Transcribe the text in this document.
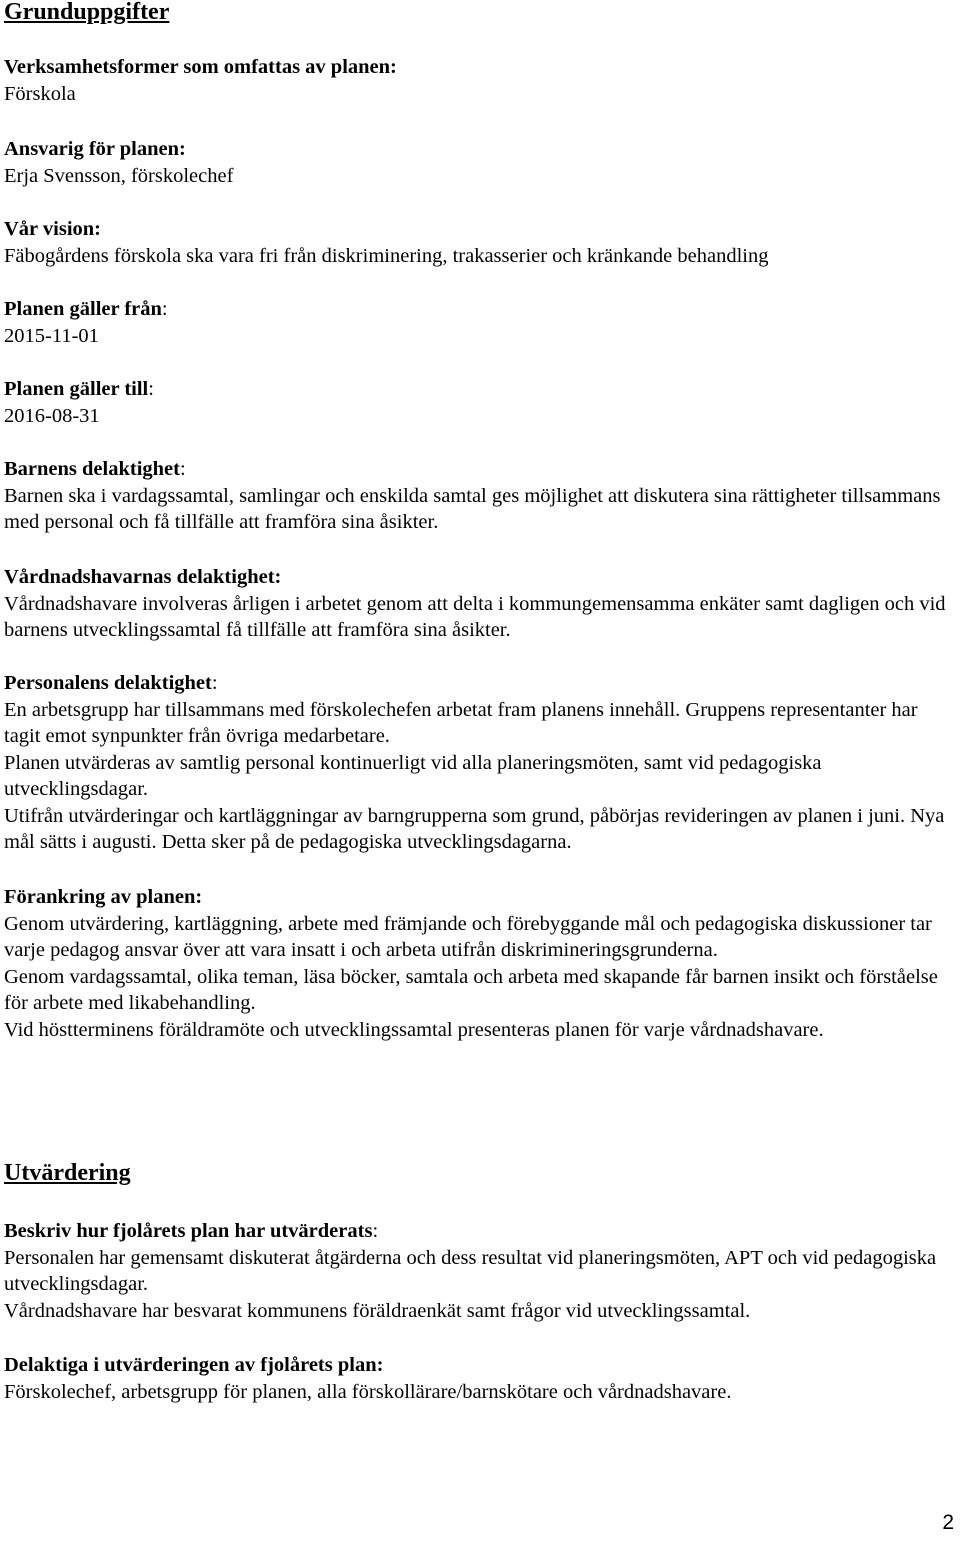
Grunduppgifter
Verksamhetsformer som omfattas av planen:
Förskola
Ansvarig för planen:
Erja Svensson, förskolechef
Vår vision:
Fäbogårdens förskola ska vara fri från diskriminering, trakasserier och kränkande behandling
Planen gäller från:
2015-11-01
Planen gäller till:
2016-08-31
Barnens delaktighet:

Barnen ska i vardagssamtal, samlingar och enskilda samtal ges möjlighet att diskutera sina rättigheter tillsammans med personal och få tillfälle att framföra sina åsikter.

Vårdnadshavarnas delaktighet:

Vårdnadshavare involveras årligen i arbetet genom att delta i kommungemensamma enkäter samt dagligen och vid barnens utvecklingssamtal få tillfälle att framföra sina åsikter.

Personalens delaktighet:

En arbetsgrupp har tillsammans med förskolechefen arbetat fram planens innehåll. Gruppens representanter har tagit emot synpunkter från övriga medarbetare.

Planen utvärderas av samtlig personal kontinuerligt vid alla planeringsmöten, samt vid pedagogiska utvecklingsdagar.

Utifrån utvärderingar och kartläggningar av barngrupperna som grund, påbörjas revideringen av planen i juni. Nya mål sätts i augusti. Detta sker på de pedagogiska utvecklingsdagarna.

Förankring av planen:

Genom utvärdering, kartläggning, arbete med främjande och förebyggande mål och pedagogiska diskussioner tar varje pedagog ansvar över att vara insatt i och arbeta utifrån diskrimineringsgrunderna.

Genom vardagssamtal, olika teman, läsa böcker, samtala och arbeta med skapande får barnen insikt och förståelse för arbete med likabehandling.

Vid höstterminens föräldramöte och utvecklingssamtal presenteras planen för varje vårdnadshavare.

Utvärdering
Beskriv hur fjolårets plan har utvärderats:

Personalen har gemensamt diskuterat åtgärderna och dess resultat vid planeringsmöten, APT och vid pedagogiska utvecklingsdagar.

Vårdnadshavare har besvarat kommunens föräldraenkät samt frågor vid utvecklingssamtal.

Delaktiga i utvärderingen av fjolårets plan:

Förskolechef, arbetsgrupp för planen, alla förskollärare/barnskötare och vårdnadshavare.

2
